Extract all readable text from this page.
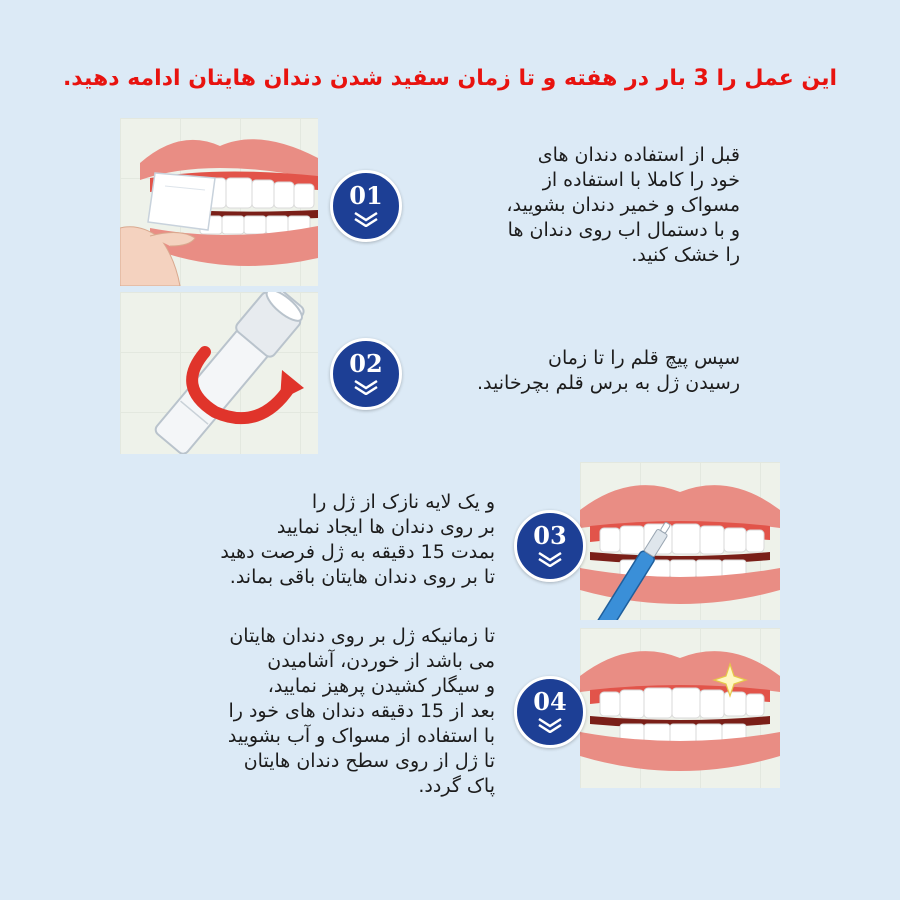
این عمل را 3 بار در هفته و تا زمان سفید شدن دندان هایتان ادامه دهید.
01
قبل از استفاده دندان های
خود را کاملا با استفاده از
مسواک و خمیر دندان بشویید،
و با دستمال اب روی دندان ها
را خشک کنید.
02	سپس پیچ قلم را تا زمان
رسیدن ژل به برس قلم بچرخانید.
03
و یک لایه نازک از ژل را
بر روی دندان ها ایجاد نمایید
بمدت 15 دقیقه به ژل فرصت دهید
تا بر روی دندان هایتان باقی بماند.
04
تا زمانیکه ژل بر روی دندان هایتان
می باشد از خوردن، آشامیدن
و سیگار کشیدن پرهیز نمایید،
بعد از 15 دقیقه دندان های خود را
با استفاده از مسواک و آب بشویید
تا ژل از روی سطح دندان هایتان
پاک گردد.
